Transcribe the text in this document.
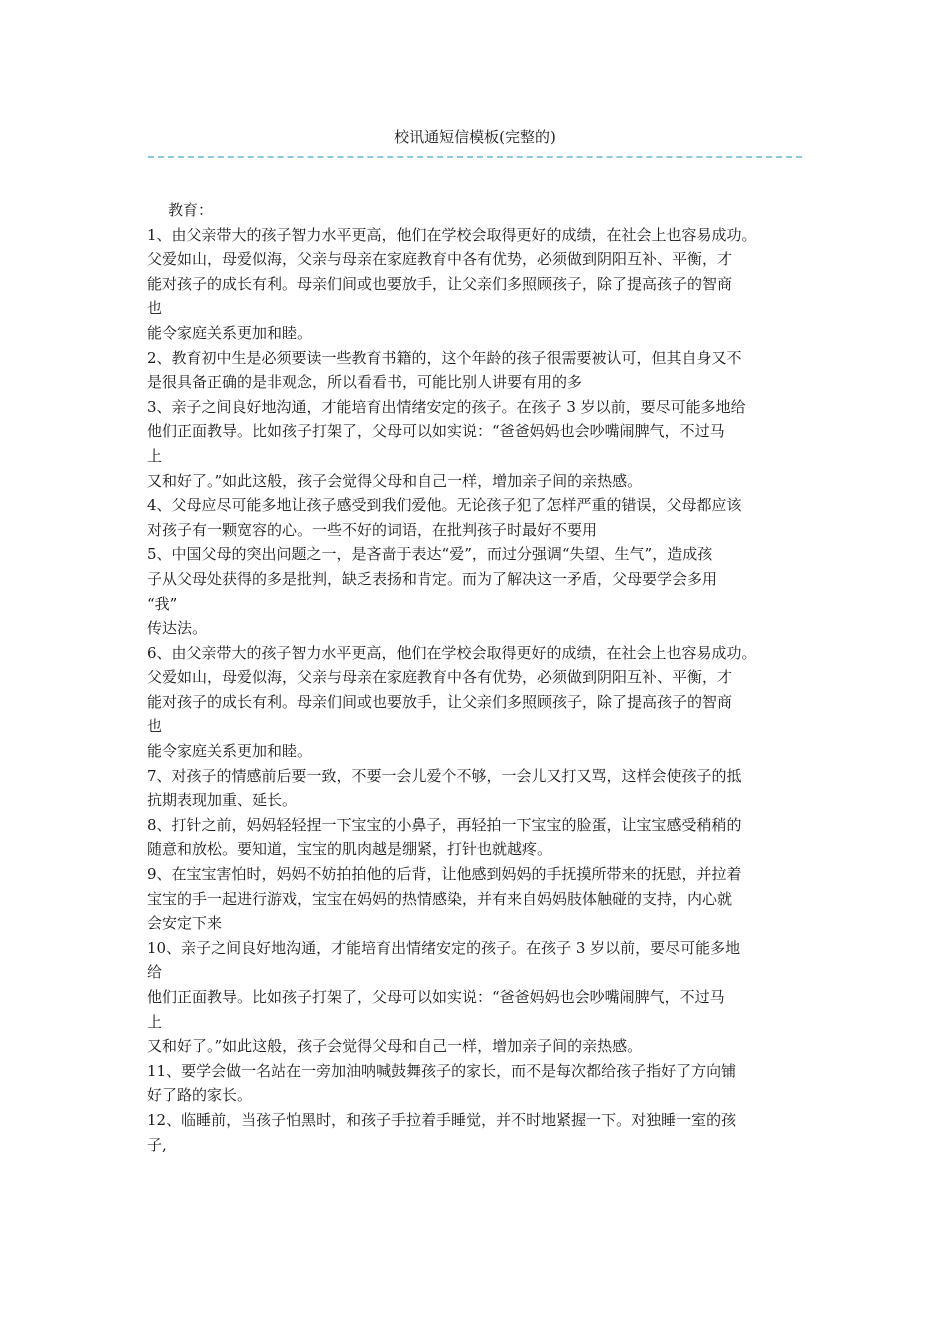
校讯通短信模板(完整的)
教育：
1、由父亲带大的孩子智力水平更高，他们在学校会取得更好的成绩，在社会上也容易成功。
父爱如山，母爱似海，父亲与母亲在家庭教育中各有优势，必须做到阴阳互补、平衡，才
能对孩子的成长有利。母亲们间或也要放手，让父亲们多照顾孩子，除了提高孩子的智商
也
能令家庭关系更加和睦。
2、教育初中生是必须要读一些教育书籍的，这个年龄的孩子很需要被认可，但其自身又不
是很具备正确的是非观念，所以看看书，可能比别人讲要有用的多
3、亲子之间良好地沟通，才能培育出情绪安定的孩子。在孩子 3 岁以前，要尽可能多地给
他们正面教导。比如孩子打架了，父母可以如实说：“爸爸妈妈也会吵嘴闹脾气，不过马
上
又和好了。”如此这般，孩子会觉得父母和自己一样，增加亲子间的亲热感。
4、父母应尽可能多地让孩子感受到我们爱他。无论孩子犯了怎样严重的错误，父母都应该
对孩子有一颗宽容的心。一些不好的词语，在批判孩子时最好不要用
5、中国父母的突出问题之一，是吝啬于表达“爱”，而过分强调“失望、生气”，造成孩
子从父母处获得的多是批判，缺乏表扬和肯定。而为了解决这一矛盾，父母要学会多用
“我”
传达法。
6、由父亲带大的孩子智力水平更高，他们在学校会取得更好的成绩，在社会上也容易成功。
父爱如山，母爱似海，父亲与母亲在家庭教育中各有优势，必须做到阴阳互补、平衡，才
能对孩子的成长有利。母亲们间或也要放手，让父亲们多照顾孩子，除了提高孩子的智商
也
能令家庭关系更加和睦。
7、对孩子的情感前后要一致，不要一会儿爱个不够，一会儿又打又骂，这样会使孩子的抵
抗期表现加重、延长。
8、打针之前，妈妈轻轻捏一下宝宝的小鼻子，再轻拍一下宝宝的脸蛋，让宝宝感受稍稍的
随意和放松。要知道，宝宝的肌肉越是绷紧，打针也就越疼。
9、在宝宝害怕时，妈妈不妨拍拍他的后背，让他感到妈妈的手抚摸所带来的抚慰，并拉着
宝宝的手一起进行游戏，宝宝在妈妈的热情感染，并有来自妈妈肢体触碰的支持，内心就
会安定下来
10、亲子之间良好地沟通，才能培育出情绪安定的孩子。在孩子 3 岁以前，要尽可能多地
给
他们正面教导。比如孩子打架了，父母可以如实说：“爸爸妈妈也会吵嘴闹脾气，不过马
上
又和好了。”如此这般，孩子会觉得父母和自己一样，增加亲子间的亲热感。
11、要学会做一名站在一旁加油呐喊鼓舞孩子的家长，而不是每次都给孩子指好了方向铺
好了路的家长。
12、临睡前，当孩子怕黑时，和孩子手拉着手睡觉，并不时地紧握一下。对独睡一室的孩
子,
